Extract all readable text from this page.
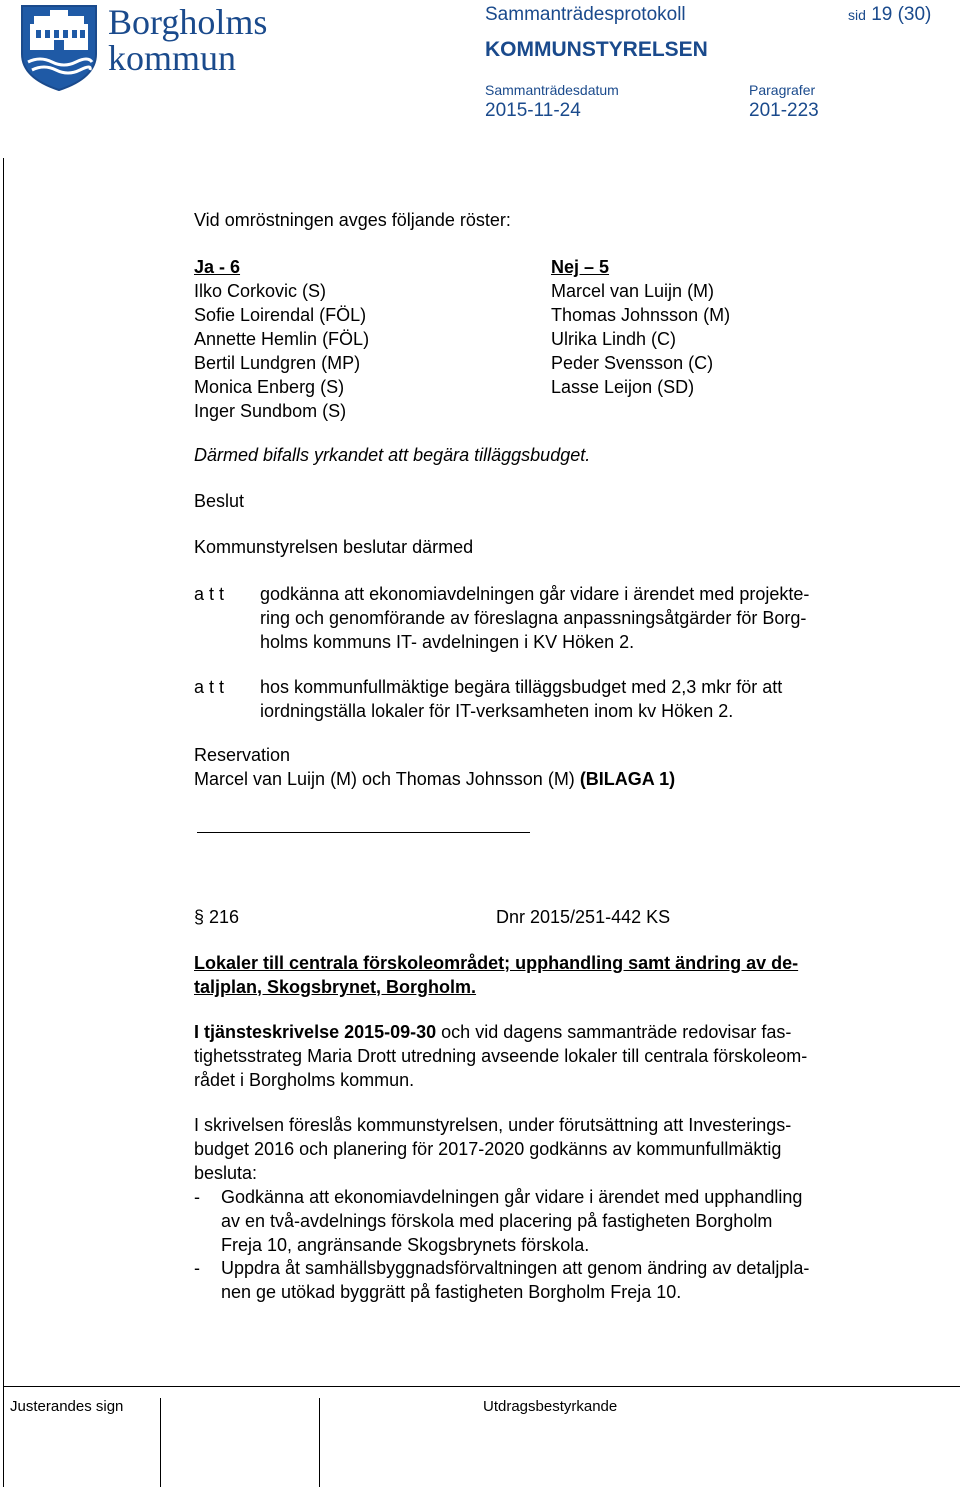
Borgholms
kommun
Sammanträdesprotokoll	sid 19 (30)
KOMMUNSTYRELSEN
Sammanträdesdatum
2015-11-24
Paragrafer
201-223
Vid omröstningen avges följande röster:
Ja - 6
Ilko Corkovic (S)
Sofie Loirendal (FÖL)
Annette Hemlin (FÖL)
Bertil Lundgren (MP)
Monica Enberg (S)
Inger Sundbom (S)
Nej – 5
Marcel van Luijn (M)
Thomas Johnsson (M)
Ulrika Lindh (C)
Peder Svensson (C)
Lasse Leijon (SD)
Därmed bifalls yrkandet att begära tilläggsbudget.
Beslut
Kommunstyrelsen beslutar därmed
a t t godkänna att ekonomiavdelningen går vidare i ärendet med projekte-
ring och genomförande av föreslagna anpassningsåtgärder för Borg-
holms kommuns IT- avdelningen i KV Höken 2.
a t t hos kommunfullmäktige begära tilläggsbudget med 2,3 mkr för att
iordningställa lokaler för IT-verksamheten inom kv Höken 2.
Reservation
Marcel van Luijn (M) och Thomas Johnsson (M) (BILAGA 1)
§ 216	Dnr 2015/251-442 KS
Lokaler till centrala förskoleområdet; upphandling samt ändring av de-
taljplan, Skogsbrynet, Borgholm.
I tjänsteskrivelse 2015-09-30 och vid dagens sammanträde redovisar fas-
tighetsstrateg Maria Drott utredning avseende lokaler till centrala förskoleom-
rådet i Borgholms kommun.
I skrivelsen föreslås kommunstyrelsen, under förutsättning att Investerings-
budget 2016 och planering för 2017-2020 godkänns av kommunfullmäktig
besluta:
- Godkänna att ekonomiavdelningen går vidare i ärendet med upphandling
av en två-avdelnings förskola med placering på fastigheten Borgholm
Freja 10, angränsande Skogsbrynets förskola.
- Uppdra åt samhällsbyggnadsförvaltningen att genom ändring av detaljpla-
nen ge utökad byggrätt på fastigheten Borgholm Freja 10.
Justerandes sign	Utdragsbestyrkande
